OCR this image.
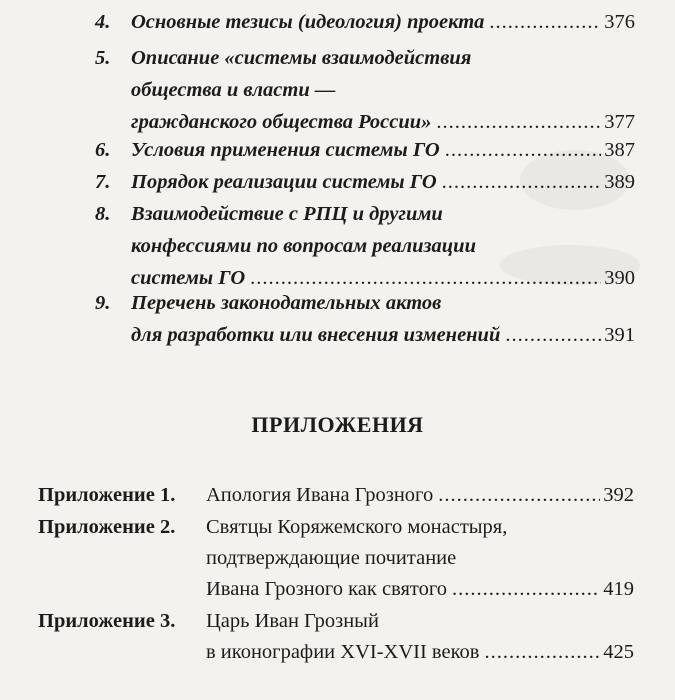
4.	Основные тезисы (идеология) проекта .....	376
5.	Описание «системы взаимодействия
общества и власти —
гражданского общества России» .....	377
6.	Условия применения системы ГО .....	387
7.	Порядок реализации системы ГО .....	389
8.	Взаимодействие с РПЦ и другими
конфессиями по вопросам реализации
системы ГО .....	390
9.	Перечень законодательных актов
для разработки или внесения изменений .....	391
ПРИЛОЖЕНИЯ
Приложение 1. Апология Ивана Грозного .....	392
Приложение 2. Святцы Коряжемского монастыря,
подтверждающие почитание
Ивана Грозного как святого .....	419
Приложение 3. Царь Иван Грозный
в иконографии XVI-XVII веков .....	425
